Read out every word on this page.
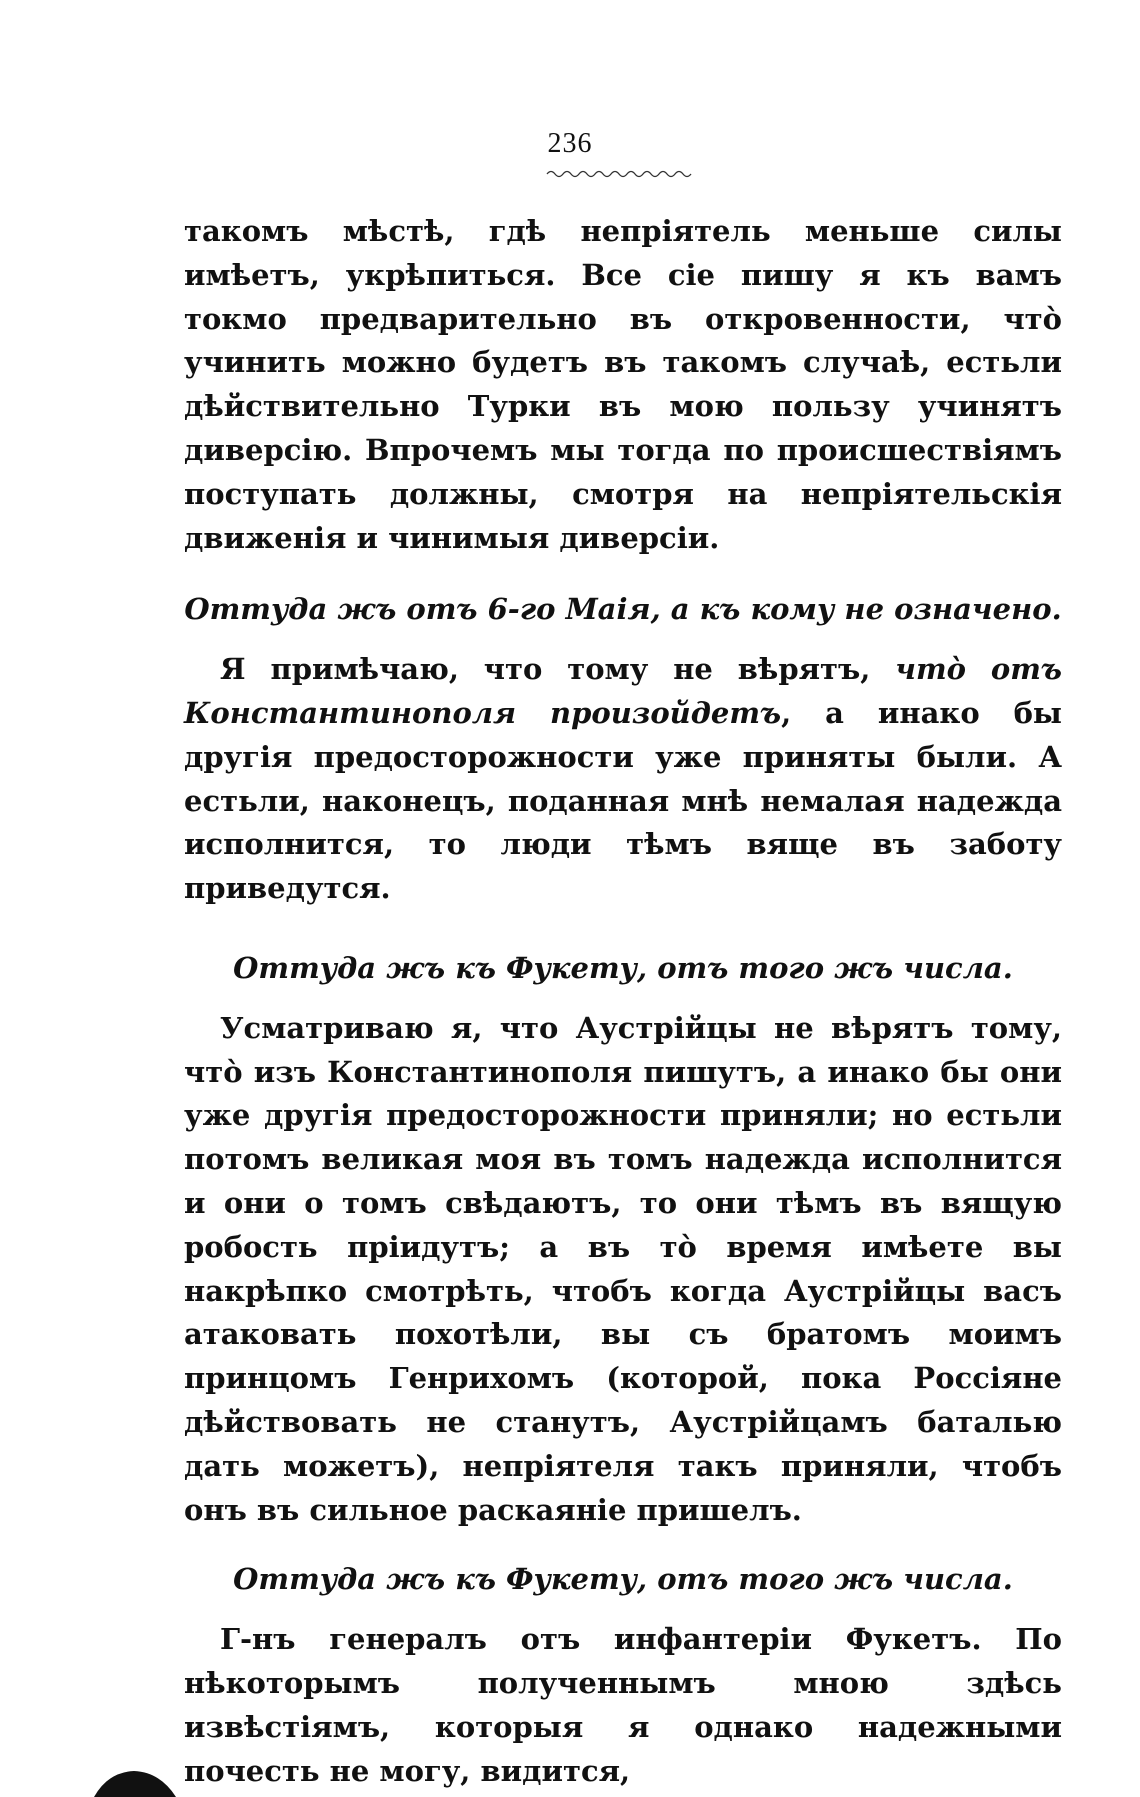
236

такомъ мѣстѣ, гдѣ непріятель меньше силы имѣетъ, укрѣпиться. Все сіе пишу я къ вамъ токмо предварительно въ откровенности, чтò учинить можно будетъ въ такомъ случаѣ, естьли дѣйствительно Турки въ мою пользу учинятъ диверсію. Впрочемъ мы тогда по происшествіямъ поступать должны, смотря на непріятельскія движенія и чинимыя диверсіи.

Оттуда жъ отъ 6-го Маія, а къ кому не означено.

Я примѣчаю, что тому не вѣрятъ, чтò отъ Константинополя произойдетъ, а инако бы другія предосторожности уже приняты были. А естьли, наконецъ, поданная мнѣ немалая надежда исполнится, то люди тѣмъ вяще въ заботу приведутся.

Оттуда жъ къ Фукету, отъ того жъ числа.

Усматриваю я, что Аустрійцы не вѣрятъ тому, чтò изъ Константинополя пишутъ, а инако бы они уже другія предосторожности приняли; но естьли потомъ великая моя въ томъ надежда исполнится и они о томъ свѣдаютъ, то они тѣмъ въ вящую робость пріидутъ; а въ тò время имѣете вы накрѣпко смотрѣть, чтобъ когда Аустрійцы васъ атаковать похотѣли, вы съ братомъ моимъ принцомъ Генрихомъ (которой, пока Россіяне дѣйствовать не станутъ, Аустрійцамъ баталью дать можетъ), непріятеля такъ приняли, чтобъ онъ въ сильное раскаяніе пришелъ.

Оттуда жъ къ Фукету, отъ того жъ числа.

Г-нъ генералъ отъ инфантеріи Фукетъ. По нѣкоторымъ полученнымъ мною здѣсь извѣстіямъ, которыя я однако надежными почесть не могу, видится,
